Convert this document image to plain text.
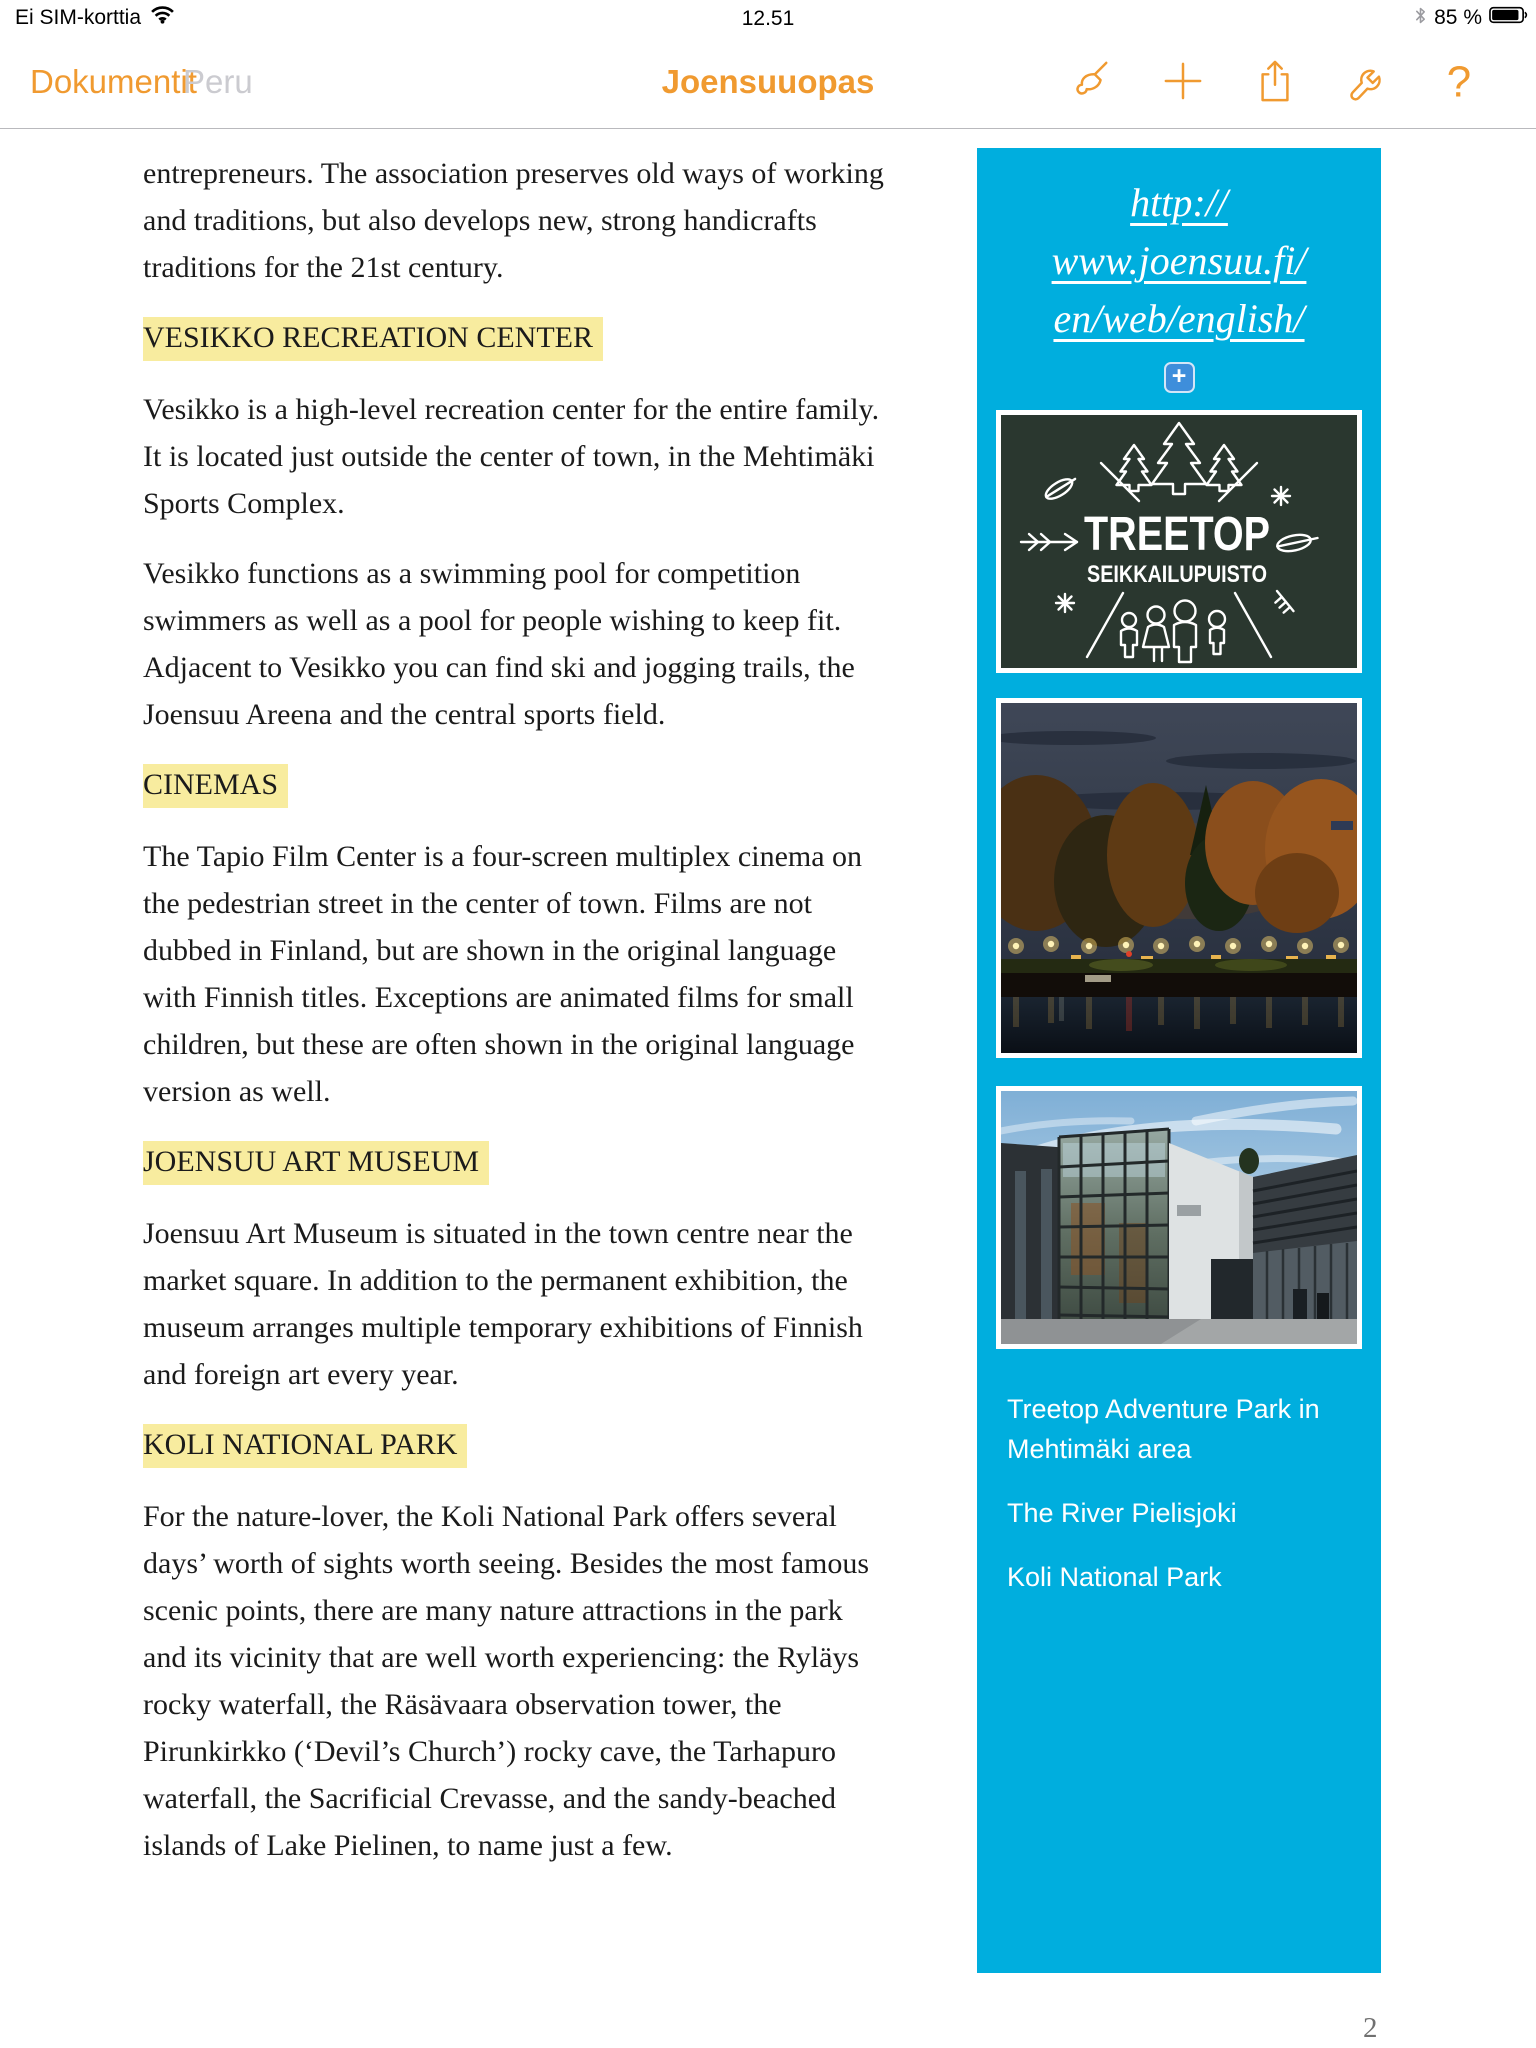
Ei SIM-korttia	12.51	85 %
Dokumentit
Peru	Joensuuopas	?

entrepreneurs. The association preserves old ways of working
and traditions, but also develops new, strong handicrafts
traditions for the 21st century.

VESIKKO RECREATION CENTER

Vesikko is a high-level recreation center for the entire family.
It is located just outside the center of town, in the Mehtimäki
Sports Complex.

Vesikko functions as a swimming pool for competition
swimmers as well as a pool for people wishing to keep fit.
Adjacent to Vesikko you can find ski and jogging trails, the
Joensuu Areena and the central sports field.

CINEMAS

The Tapio Film Center is a four-screen multiplex cinema on
the pedestrian street in the center of town. Films are not
dubbed in Finland, but are shown in the original language
with Finnish titles. Exceptions are animated films for small
children, but these are often shown in the original language
version as well.

JOENSUU ART MUSEUM

Joensuu Art Museum is situated in the town centre near the
market square. In addition to the permanent exhibition, the
museum arranges multiple temporary exhibitions of Finnish
and foreign art every year.

KOLI NATIONAL PARK

For the nature-lover, the Koli National Park offers several
days’ worth of sights worth seeing. Besides the most famous
scenic points, there are many nature attractions in the park
and its vicinity that are well worth experiencing: the Ryläys
rocky waterfall, the Räsävaara observation tower, the
Pirunkirkko (‘Devil’s Church’) rocky cave, the Tarhapuro
waterfall, the Sacrificial Crevasse, and the sandy-beached
islands of Lake Pielinen, to name just a few.

http://
www.joensuu.fi/
en/web/english/
+
TREETOP
SEIKKAILUPUISTO
Treetop Adventure Park in Mehtimäki area
The River Pielisjoki
Koli National Park
2
